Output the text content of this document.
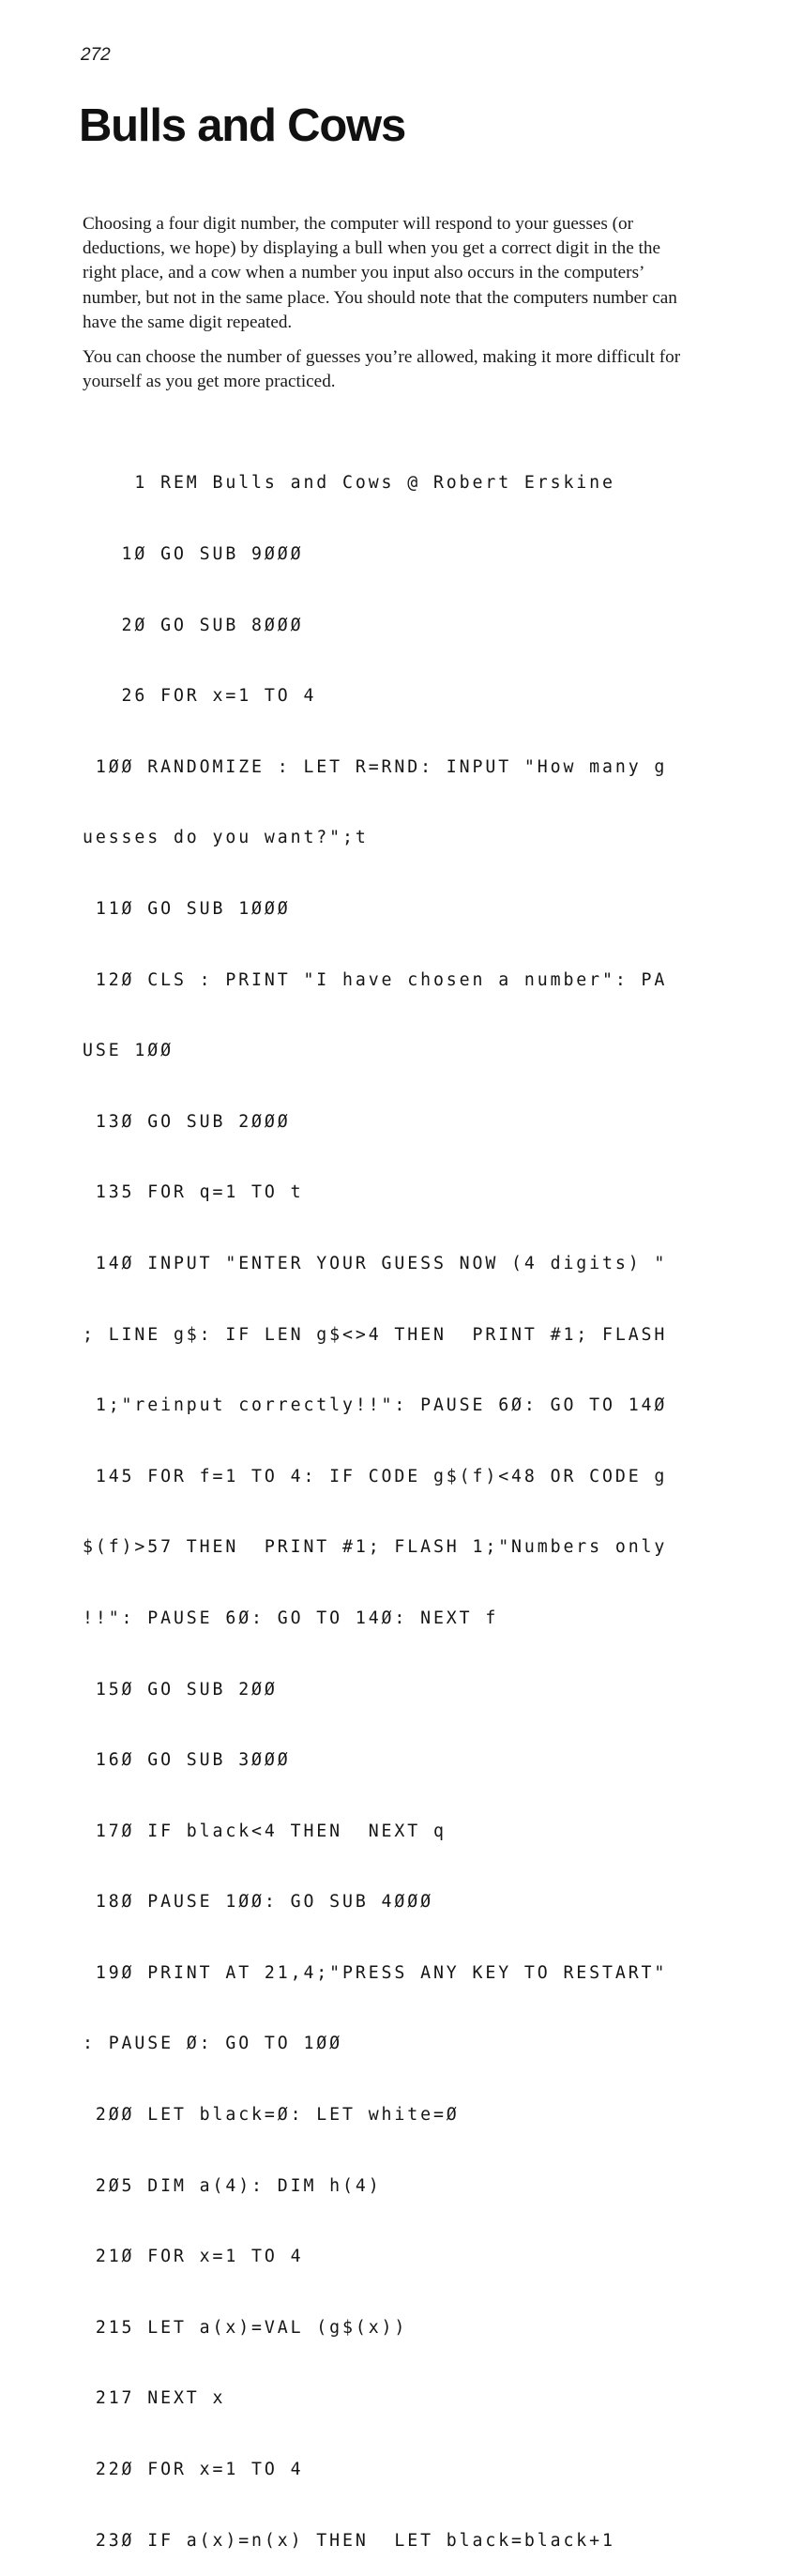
272
Bulls and Cows

Choosing a four digit number, the computer will respond to your guesses (or deductions, we hope) by displaying a bull when you get a correct digit in the the right place, and a cow when a number you input also occurs in the computers’ number, but not in the same place. You should note that the computers number can have the same digit repeated.

You can choose the number of guesses you’re allowed, making it more difficult for yourself as you get more practiced.

1 REM Bulls and Cows @ Robert Erskine

1Ø GO SUB 9ØØØ

2Ø GO SUB 8ØØØ

26 FOR x=1 TO 4

1ØØ RANDOMIZE : LET R=RND: INPUT "How many g

uesses do you want?";t

11Ø GO SUB 1ØØØ

12Ø CLS : PRINT "I have chosen a number": PA

USE 1ØØ

13Ø GO SUB 2ØØØ

135 FOR q=1 TO t

14Ø INPUT "ENTER YOUR GUESS NOW (4 digits) "

; LINE g$: IF LEN g$<>4 THEN  PRINT #1; FLASH

1;"reinput correctly!!": PAUSE 6Ø: GO TO 14Ø

145 FOR f=1 TO 4: IF CODE g$(f)<48 OR CODE g

$(f)>57 THEN  PRINT #1; FLASH 1;"Numbers only

!!": PAUSE 6Ø: GO TO 14Ø: NEXT f

15Ø GO SUB 2ØØ

16Ø GO SUB 3ØØØ

17Ø IF black<4 THEN  NEXT q

18Ø PAUSE 1ØØ: GO SUB 4ØØØ

19Ø PRINT AT 21,4;"PRESS ANY KEY TO RESTART"

: PAUSE Ø: GO TO 1ØØ

2ØØ LET black=Ø: LET white=Ø

2Ø5 DIM a(4): DIM h(4)

21Ø FOR x=1 TO 4

215 LET a(x)=VAL (g$(x))

217 NEXT x

22Ø FOR x=1 TO 4

23Ø IF a(x)=n(x) THEN  LET black=black+1
